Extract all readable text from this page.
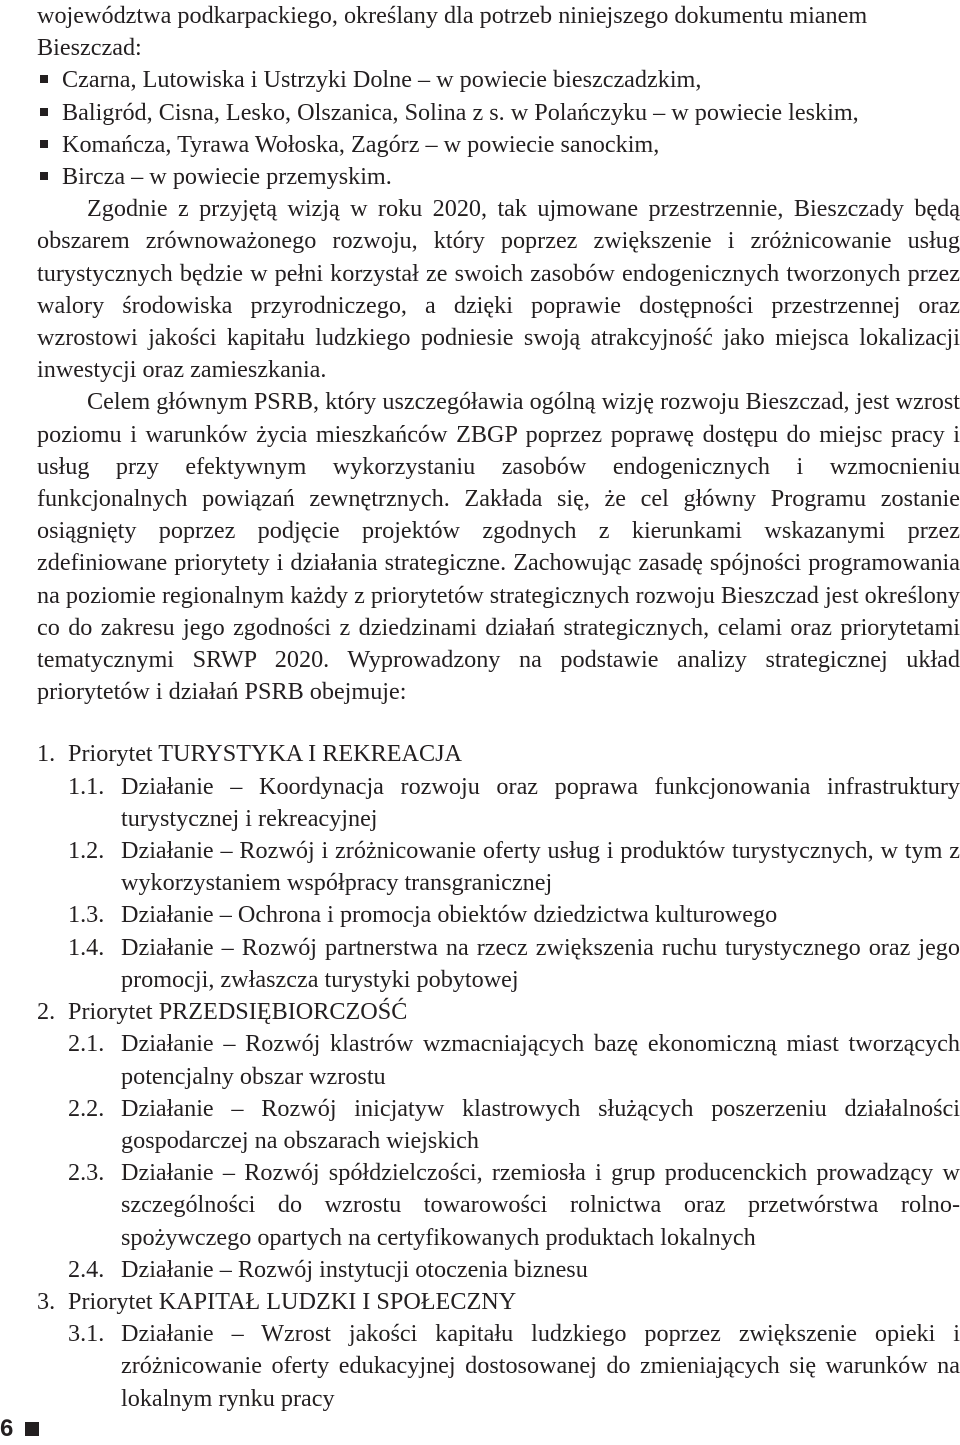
województwa podkarpackiego, określany dla potrzeb niniejszego dokumentu mianem
Bieszczad:
Czarna, Lutowiska i Ustrzyki Dolne – w powiecie bieszczadzkim,
Baligród, Cisna, Lesko, Olszanica, Solina z s. w Polańczyku – w powiecie leskim,
Komańcza, Tyrawa Wołoska, Zagórz – w powiecie sanockim,
Bircza – w powiecie przemyskim.

Zgodnie z przyjętą wizją w roku 2020, tak ujmowane przestrzennie, Bieszczady będą obszarem zrównoważonego rozwoju, który poprzez zwiększenie i zróżnicowanie usług turystycznych będzie w pełni korzystał ze swoich zasobów endogenicznych tworzonych przez walory środowiska przyrodniczego, a dzięki poprawie dostępności przestrzennej oraz wzrostowi jakości kapitału ludzkiego podniesie swoją atrakcyjność jako miejsca lokalizacji inwestycji oraz zamieszkania.

Celem głównym PSRB, który uszczegóławia ogólną wizję rozwoju Bieszczad, jest wzrost poziomu i warunków życia mieszkańców ZBGP poprzez poprawę dostępu do miejsc pracy i usług przy efektywnym wykorzystaniu zasobów endogenicznych i wzmocnieniu funkcjonalnych powiązań zewnętrznych. Zakłada się, że cel główny Programu zostanie osiągnięty poprzez podjęcie projektów zgodnych z kierunkami wskazanymi przez zdefiniowane priorytety i działania strategiczne. Zachowując zasadę spójności programowania na poziomie regionalnym każdy z priorytetów strategicznych rozwoju Bieszczad jest określony co do zakresu jego zgodności z dziedzinami działań strategicznych, celami oraz priorytetami tematycznymi SRWP 2020. Wyprowadzony na podstawie analizy strategicznej układ priorytetów i działań PSRB obejmuje:

1. Priorytet TURYSTYKA I REKREACJA
1.1. Działanie – Koordynacja rozwoju oraz poprawa funkcjonowania infrastruktury turystycznej i rekreacyjnej
1.2. Działanie – Rozwój i zróżnicowanie oferty usług i produktów turystycznych, w tym z wykorzystaniem współpracy transgranicznej
1.3. Działanie – Ochrona i promocja obiektów dziedzictwa kulturowego
1.4. Działanie – Rozwój partnerstwa na rzecz zwiększenia ruchu turystycznego oraz jego promocji, zwłaszcza turystyki pobytowej
2. Priorytet PRZEDSIĘBIORCZOŚĆ
2.1. Działanie – Rozwój klastrów wzmacniających bazę ekonomiczną miast tworzących potencjalny obszar wzrostu
2.2. Działanie – Rozwój inicjatyw klastrowych służących poszerzeniu działalności gospodarczej na obszarach wiejskich
2.3. Działanie – Rozwój spółdzielczości, rzemiosła i grup producenckich prowadzący w szczególności do wzrostu towarowości rolnictwa oraz przetwórstwa rolno-spożywczego opartych na certyfikowanych produktach lokalnych
2.4. Działanie – Rozwój instytucji otoczenia biznesu
3. Priorytet KAPITAŁ LUDZKI I SPOŁECZNY
3.1. Działanie – Wzrost jakości kapitału ludzkiego poprzez zwiększenie opieki i zróżnicowanie oferty edukacyjnej dostosowanej do zmieniających się warunków na lokalnym rynku pracy
6
